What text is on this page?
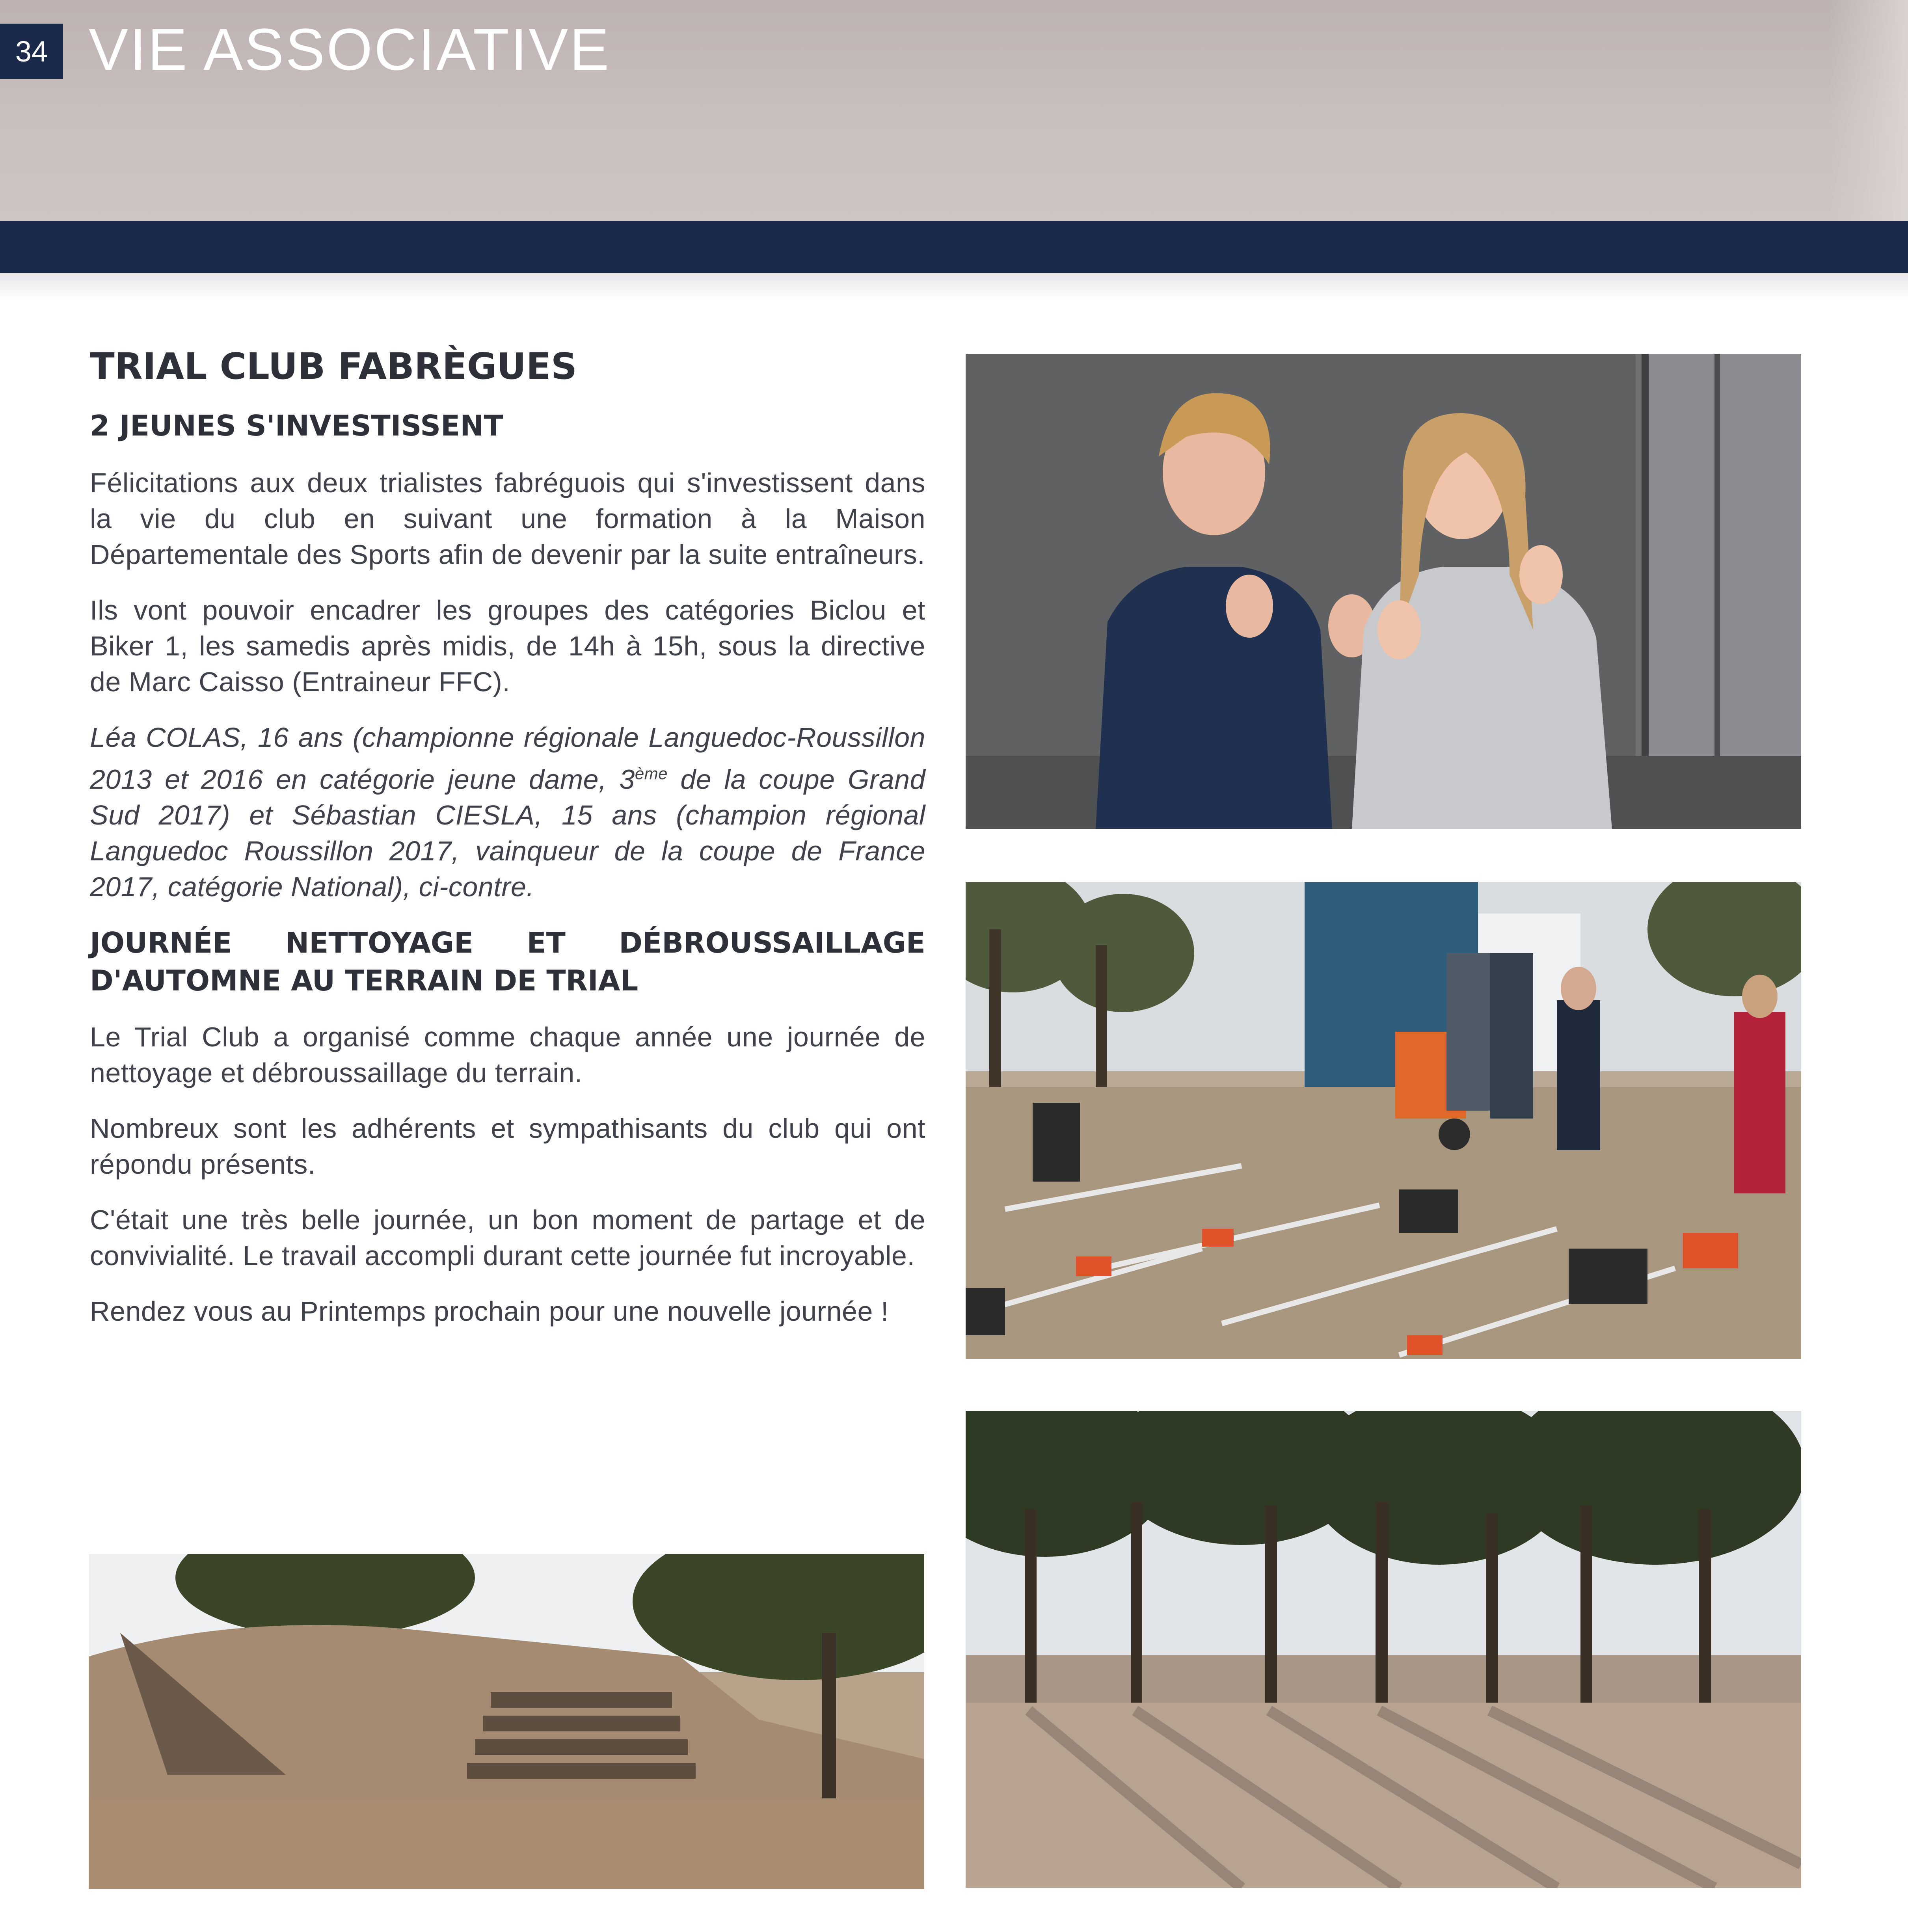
34 VIE ASSOCIATIVE
TRIAL CLUB FABRÈGUES
2 JEUNES S'INVESTISSENT

Félicitations aux deux trialistes fabréguois qui s'investissent dans la vie du club en suivant une formation à la Maison Départementale des Sports afin de devenir par la suite entraîneurs.

Ils vont pouvoir encadrer les groupes des catégories Biclou et Biker 1, les samedis après midis, de 14h à 15h, sous la directive de Marc Caisso (Entraineur FFC).

Léa COLAS, 16 ans (championne régionale Languedoc-Roussillon 2013 et 2016 en catégorie jeune dame, 3ème de la coupe Grand Sud 2017) et Sébastian CIESLA, 15 ans (champion régional Languedoc Roussillon 2017, vainqueur de la coupe de France 2017, catégorie National), ci-contre.

JOURNÉE NETTOYAGE ET DÉBROUSSAILLAGE D'AUTOMNE AU TERRAIN DE TRIAL

Le Trial Club a organisé comme chaque année une journée de nettoyage et débroussaillage du terrain.

Nombreux sont les adhérents et sympathisants du club qui ont répondu présents.

C'était une très belle journée, un bon moment de partage et de convivialité. Le travail accompli durant cette journée fut incroyable.

Rendez vous au Printemps prochain pour une nouvelle journée !
